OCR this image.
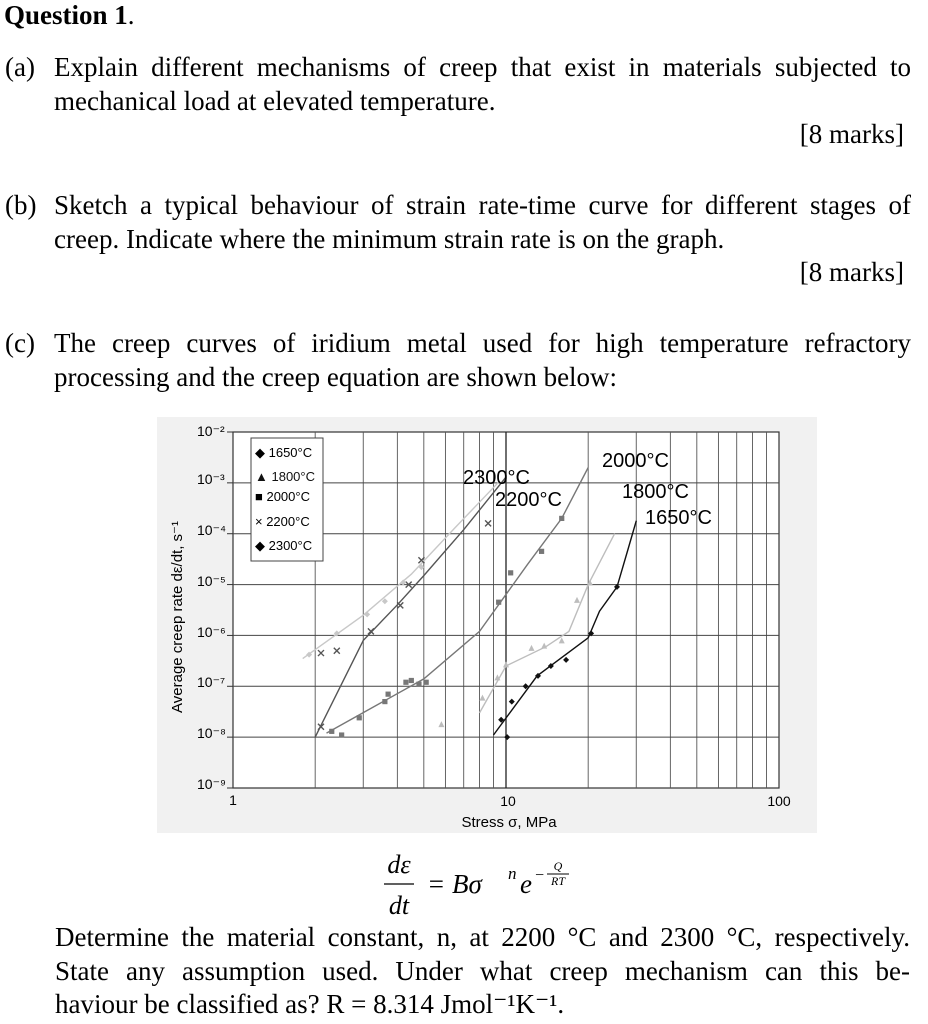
Question 1.

(a) Explain different mechanisms of creep that exist in materials subjected to
mechanical load at elevated temperature.

[8 marks]

(b) Sketch a typical behaviour of strain rate-time curve for different stages of
creep. Indicate where the minimum strain rate is on the graph.

[8 marks]

(c) The creep curves of iridium metal used for high temperature refractory
processing and the creep equation are shown below:
◆ 1650°C
▲ 1800°C
■ 2000°C
× 2200°C
◆ 2300°C
2300°C
2200°C
2000°C
1800°C
1650°C
10⁻²
10⁻³
10⁻⁴
10⁻⁵
10⁻⁶
10⁻⁷
10⁻⁸
10⁻⁹
1	10	100
Stress σ, MPa
Average creep rate dε/dt, s⁻¹
dε
dt
= Bσ n e −
Q
RT
Determine the material constant, n, at 2200 °C and 2300 °C, respectively.
State any assumption used. Under what creep mechanism can this be-
haviour be classified as? R = 8.314 Jmol⁻¹K⁻¹.
